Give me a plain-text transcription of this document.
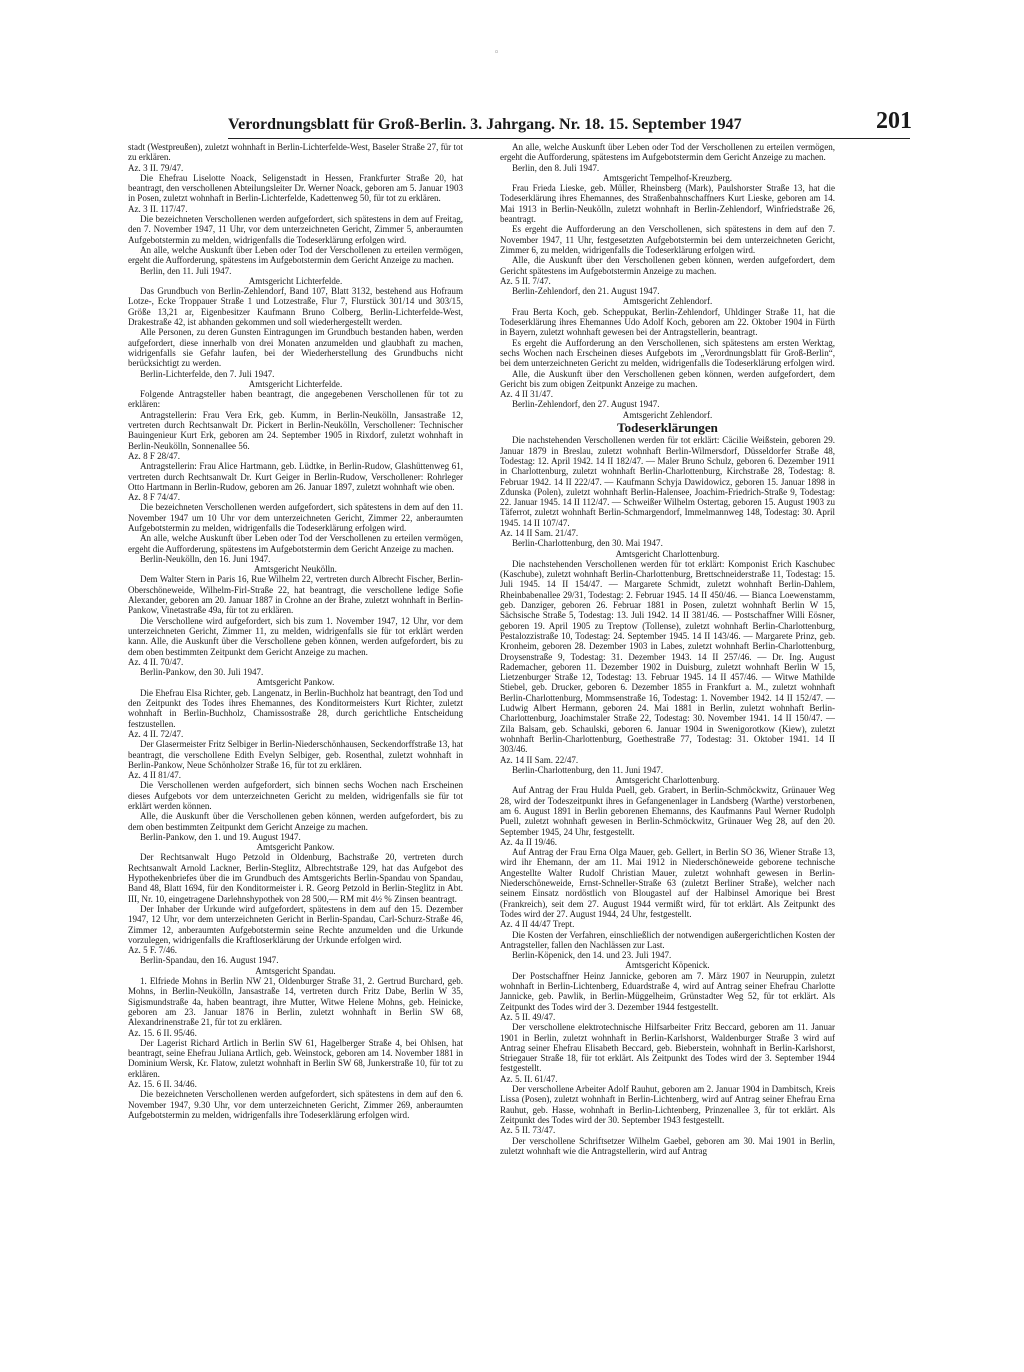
◦
Verordnungsblatt für Groß-Berlin. 3. Jahrgang. Nr. 18. 15. September 1947	201

stadt (Westpreußen), zuletzt wohnhaft in Berlin-Lichterfelde-West, Baseler Straße 27, für tot zu erklären.

Az. 3 II. 79/47.

Die Ehefrau Liselotte Noack, Seligenstadt in Hessen, Frankfurter Straße 20, hat beantragt, den verschollenen Abteilungsleiter Dr. Werner Noack, geboren am 5. Januar 1903 in Posen, zuletzt wohnhaft in Berlin-Lichterfelde, Kadettenweg 50, für tot zu erklären.

Az. 3 II. 117/47.

Die bezeichneten Verschollenen werden aufgefordert, sich spätestens in dem auf Freitag, den 7. November 1947, 11 Uhr, vor dem unterzeichneten Gericht, Zimmer 5, anberaumten Aufgebotstermin zu melden, widrigenfalls die Todeserklärung erfolgen wird.

An alle, welche Auskunft über Leben oder Tod der Verschollenen zu erteilen vermögen, ergeht die Aufforderung, spätestens im Aufgebotstermin dem Gericht Anzeige zu machen.

Berlin, den 11. Juli 1947.

Amtsgericht Lichterfelde.

Das Grundbuch von Berlin-Zehlendorf, Band 107, Blatt 3132, bestehend aus Hofraum Lotze-, Ecke Troppauer Straße 1 und Lotzestraße, Flur 7, Flurstück 301/14 und 303/15, Größe 13,21 ar, Eigenbesitzer Kaufmann Bruno Colberg, Berlin-Lichterfelde-West, Drakestraße 42, ist abhanden gekommen und soll wiederhergestellt werden.

Alle Personen, zu deren Gunsten Eintragungen im Grundbuch bestanden haben, werden aufgefordert, diese innerhalb von drei Monaten anzumelden und glaubhaft zu machen, widrigenfalls sie Gefahr laufen, bei der Wiederherstellung des Grundbuchs nicht berücksichtigt zu werden.

Berlin-Lichterfelde, den 7. Juli 1947.

Amtsgericht Lichterfelde.

Folgende Antragsteller haben beantragt, die angegebenen Verschollenen für tot zu erklären:

Antragstellerin: Frau Vera Erk, geb. Kumm, in Berlin-Neukölln, Jansastraße 12, vertreten durch Rechtsanwalt Dr. Pickert in Berlin-Neukölln, Verschollener: Technischer Bauingenieur Kurt Erk, geboren am 24. September 1905 in Rixdorf, zuletzt wohnhaft in Berlin-Neukölln, Sonnenallee 56.

Az. 8 F 28/47.

Antragstellerin: Frau Alice Hartmann, geb. Lüdtke, in Berlin-Rudow, Glashüttenweg 61, vertreten durch Rechtsanwalt Dr. Kurt Geiger in Berlin-Rudow, Verschollener: Rohrleger Otto Hartmann in Berlin-Rudow, geboren am 26. Januar 1897, zuletzt wohnhaft wie oben.

Az. 8 F 74/47.

Die bezeichneten Verschollenen werden aufgefordert, sich spätestens in dem auf den 11. November 1947 um 10 Uhr vor dem unterzeichneten Gericht, Zimmer 22, anberaumten Aufgebotstermin zu melden, widrigenfalls die Todeserklärung erfolgen wird.

An alle, welche Auskunft über Leben oder Tod der Verschollenen zu erteilen vermögen, ergeht die Aufforderung, spätestens im Aufgebotstermin dem Gericht Anzeige zu machen.

Berlin-Neukölln, den 16. Juni 1947.

Amtsgericht Neukölln.

Dem Walter Stern in Paris 16, Rue Wilhelm 22, vertreten durch Albrecht Fischer, Berlin-Oberschöneweide, Wilhelm-Firl-Straße 22, hat beantragt, die verschollene ledige Sofie Alexander, geboren am 20. Januar 1887 in Crohne an der Brahe, zuletzt wohnhaft in Berlin-Pankow, Vinetastraße 49a, für tot zu erklären.

Die Verschollene wird aufgefordert, sich bis zum 1. November 1947, 12 Uhr, vor dem unterzeichneten Gericht, Zimmer 11, zu melden, widrigenfalls sie für tot erklärt werden kann. Alle, die Auskunft über die Verschollene geben können, werden aufgefordert, bis zu dem oben bestimmten Zeitpunkt dem Gericht Anzeige zu machen.

Az. 4 II. 70/47.

Berlin-Pankow, den 30. Juli 1947.

Amtsgericht Pankow.

Die Ehefrau Elsa Richter, geb. Langenatz, in Berlin-Buchholz hat beantragt, den Tod und den Zeitpunkt des Todes ihres Ehemannes, des Konditormeisters Kurt Richter, zuletzt wohnhaft in Berlin-Buchholz, Chamissostraße 28, durch gerichtliche Entscheidung festzustellen.

Az. 4 II. 72/47.

Der Glasermeister Fritz Selbiger in Berlin-Niederschönhausen, Seckendorffstraße 13, hat beantragt, die verschollene Edith Evelyn Selbiger, geb. Rosenthal, zuletzt wohnhaft in Berlin-Pankow, Neue Schönholzer Straße 16, für tot zu erklären.

Az. 4 II 81/47.

Die Verschollenen werden aufgefordert, sich binnen sechs Wochen nach Erscheinen dieses Aufgebots vor dem unterzeichneten Gericht zu melden, widrigenfalls sie für tot erklärt werden können.

Alle, die Auskunft über die Verschollenen geben können, werden aufgefordert, bis zu dem oben bestimmten Zeitpunkt dem Gericht Anzeige zu machen.

Berlin-Pankow, den 1. und 19. August 1947.

Amtsgericht Pankow.

Der Rechtsanwalt Hugo Petzold in Oldenburg, Bachstraße 20, vertreten durch Rechtsanwalt Arnold Lackner, Berlin-Steglitz, Albrechtstraße 129, hat das Aufgebot des Hypothekenbriefes über die im Grundbuch des Amtsgerichts Berlin-Spandau von Spandau, Band 48, Blatt 1694, für den Konditormeister i. R. Georg Petzold in Berlin-Steglitz in Abt. III, Nr. 10, eingetragene Darlehnshypothek von 28 500,— RM mit 4½ % Zinsen beantragt.

Der Inhaber der Urkunde wird aufgefordert, spätestens in dem auf den 15. Dezember 1947, 12 Uhr, vor dem unterzeichneten Gericht in Berlin-Spandau, Carl-Schurz-Straße 46, Zimmer 12, anberaumten Aufgebotstermin seine Rechte anzumelden und die Urkunde vorzulegen, widrigenfalls die Kraftloserklärung der Urkunde erfolgen wird.

Az. 5 F. 7/46.

Berlin-Spandau, den 16. August 1947.

Amtsgericht Spandau.

1. Elfriede Mohns in Berlin NW 21, Oldenburger Straße 31, 2. Gertrud Burchard, geb. Mohns, in Berlin-Neukölln, Jansastraße 14, vertreten durch Fritz Dabe, Berlin W 35, Sigismundstraße 4a, haben beantragt, ihre Mutter, Witwe Helene Mohns, geb. Heinicke, geboren am 23. Januar 1876 in Berlin, zuletzt wohnhaft in Berlin SW 68, Alexandrinenstraße 21, für tot zu erklären.

Az. 15. 6 II. 95/46.

Der Lagerist Richard Artlich in Berlin SW 61, Hagelberger Straße 4, bei Ohlsen, hat beantragt, seine Ehefrau Juliana Artlich, geb. Weinstock, geboren am 14. November 1881 in Dominium Wersk, Kr. Flatow, zuletzt wohnhaft in Berlin SW 68, Junkerstraße 10, für tot zu erklären.

Az. 15. 6 II. 34/46.

Die bezeichneten Verschollenen werden aufgefordert, sich spätestens in dem auf den 6. November 1947, 9.30 Uhr, vor dem unterzeichneten Gericht, Zimmer 269, anberaumten Aufgebotstermin zu melden, widrigenfalls ihre Todeserklärung erfolgen wird.

An alle, welche Auskunft über Leben oder Tod der Verschollenen zu erteilen vermögen, ergeht die Aufforderung, spätestens im Aufgebotstermin dem Gericht Anzeige zu machen.

Berlin, den 8. Juli 1947.

Amtsgericht Tempelhof-Kreuzberg.

Frau Frieda Lieske, geb. Müller, Rheinsberg (Mark), Paulshorster Straße 13, hat die Todeserklärung ihres Ehemannes, des Straßenbahnschaffners Kurt Lieske, geboren am 14. Mai 1913 in Berlin-Neukölln, zuletzt wohnhaft in Berlin-Zehlendorf, Winfriedstraße 26, beantragt.

Es ergeht die Aufforderung an den Verschollenen, sich spätestens in dem auf den 7. November 1947, 11 Uhr, festgesetzten Aufgebotstermin bei dem unterzeichneten Gericht, Zimmer 6, zu melden, widrigenfalls die Todeserklärung erfolgen wird.

Alle, die Auskunft über den Verschollenen geben können, werden aufgefordert, dem Gericht spätestens im Aufgebotstermin Anzeige zu machen.

Az. 5 II. 7/47.

Berlin-Zehlendorf, den 21. August 1947.

Amtsgericht Zehlendorf.

Frau Berta Koch, geb. Scheppukat, Berlin-Zehlendorf, Uhldinger Straße 11, hat die Todeserklärung ihres Ehemannes Udo Adolf Koch, geboren am 22. Oktober 1904 in Fürth in Bayern, zuletzt wohnhaft gewesen bei der Antragstellerin, beantragt.

Es ergeht die Aufforderung an den Verschollenen, sich spätestens am ersten Werktag, sechs Wochen nach Erscheinen dieses Aufgebots im „Verordnungsblatt für Groß-Berlin“, bei dem unterzeichneten Gericht zu melden, widrigenfalls die Todeserklärung erfolgen wird.

Alle, die Auskunft über den Verschollenen geben können, werden aufgefordert, dem Gericht bis zum obigen Zeitpunkt Anzeige zu machen.

Az. 4 II 31/47.

Berlin-Zehlendorf, den 27. August 1947.

Amtsgericht Zehlendorf.

Todeserklärungen

Die nachstehenden Verschollenen werden für tot erklärt: Cäcilie Weißstein, geboren 29. Januar 1879 in Breslau, zuletzt wohnhaft Berlin-Wilmersdorf, Düsseldorfer Straße 48, Todestag: 12. April 1942. 14 II 182/47. — Maler Bruno Schulz, geboren 6. Dezember 1911 in Charlottenburg, zuletzt wohnhaft Berlin-Charlottenburg, Kirchstraße 28, Todestag: 8. Februar 1942. 14 II 222/47. — Kaufmann Schyja Dawidowicz, geboren 15. Januar 1898 in Zdunska (Polen), zuletzt wohnhaft Berlin-Halensee, Joachim-Friedrich-Straße 9, Todestag: 22. Januar 1945. 14 II 112/47. — Schweißer Wilhelm Ostertag, geboren 15. August 1903 zu Täferrot, zuletzt wohnhaft Berlin-Schmargendorf, Immelmannweg 148, Todestag: 30. April 1945. 14 II 107/47.

Az. 14 II Sam. 21/47.

Berlin-Charlottenburg, den 30. Mai 1947.

Amtsgericht Charlottenburg.

Die nachstehenden Verschollenen werden für tot erklärt: Komponist Erich Kaschubec (Kaschube), zuletzt wohnhaft Berlin-Charlottenburg, Brettschneiderstraße 11, Todestag: 15. Juli 1945. 14 II 154/47. — Margarete Schmidt, zuletzt wohnhaft Berlin-Dahlem, Rheinbabenallee 29/31, Todestag: 2. Februar 1945. 14 II 450/46. — Bianca Loewenstamm, geb. Danziger, geboren 26. Februar 1881 in Posen, zuletzt wohnhaft Berlin W 15, Sächsische Straße 5, Todestag: 13. Juli 1942. 14 II 381/46. — Postschaffner Willi Eösner, geboren 19. April 1905 zu Treptow (Tollense), zuletzt wohnhaft Berlin-Charlottenburg, Pestalozzistraße 10, Todestag: 24. September 1945. 14 II 143/46. — Margarete Prinz, geb. Kronheim, geboren 28. Dezember 1903 in Labes, zuletzt wohnhaft Berlin-Charlottenburg, Droysenstraße 9, Todestag: 31. Dezember 1943. 14 II 257/46. — Dr. Ing. August Rademacher, geboren 11. Dezember 1902 in Duisburg, zuletzt wohnhaft Berlin W 15, Lietzenburger Straße 12, Todestag: 13. Februar 1945. 14 II 457/46. — Witwe Mathilde Stiebel, geb. Drucker, geboren 6. Dezember 1855 in Frankfurt a. M., zuletzt wohnhaft Berlin-Charlottenburg, Mommsenstraße 16, Todestag: 1. November 1942. 14 II 152/47. — Ludwig Albert Hermann, geboren 24. Mai 1881 in Berlin, zuletzt wohnhaft Berlin-Charlottenburg, Joachimstaler Straße 22, Todestag: 30. November 1941. 14 II 150/47. — Zila Balsam, geb. Schaulski, geboren 6. Januar 1904 in Swenigorotkow (Kiew), zuletzt wohnhaft Berlin-Charlottenburg, Goethestraße 77, Todestag: 31. Oktober 1941. 14 II 303/46.

Az. 14 II Sam. 22/47.

Berlin-Charlottenburg, den 11. Juni 1947.

Amtsgericht Charlottenburg.

Auf Antrag der Frau Hulda Puell, geb. Grabert, in Berlin-Schmöckwitz, Grünauer Weg 28, wird der Todeszeitpunkt ihres in Gefangenenlager in Landsberg (Warthe) verstorbenen, am 6. August 1891 in Berlin geborenen Ehemanns, des Kaufmanns Paul Werner Rudolph Puell, zuletzt wohnhaft gewesen in Berlin-Schmöckwitz, Grünauer Weg 28, auf den 20. September 1945, 24 Uhr, festgestellt.

Az. 4a II 19/46.

Auf Antrag der Frau Erna Olga Mauer, geb. Gellert, in Berlin SO 36, Wiener Straße 13, wird ihr Ehemann, der am 11. Mai 1912 in Niederschöneweide geborene technische Angestellte Walter Rudolf Christian Mauer, zuletzt wohnhaft gewesen in Berlin-Niederschöneweide, Ernst-Schneller-Straße 63 (zuletzt Berliner Straße), welcher nach seinem Einsatz nordöstlich von Blougastel auf der Halbinsel Amorique bei Brest (Frankreich), seit dem 27. August 1944 vermißt wird, für tot erklärt. Als Zeitpunkt des Todes wird der 27. August 1944, 24 Uhr, festgestellt.

Az. 4 II 44/47 Trept.

Die Kosten der Verfahren, einschließlich der notwendigen außergerichtlichen Kosten der Antragsteller, fallen den Nachlässen zur Last.

Berlin-Köpenick, den 14. und 23. Juli 1947.

Amtsgericht Köpenick.

Der Postschaffner Heinz Jannicke, geboren am 7. März 1907 in Neuruppin, zuletzt wohnhaft in Berlin-Lichtenberg, Eduardstraße 4, wird auf Antrag seiner Ehefrau Charlotte Jannicke, geb. Pawlik, in Berlin-Müggelheim, Grünstadter Weg 52, für tot erklärt. Als Zeitpunkt des Todes wird der 3. Dezember 1944 festgestellt.

Az. 5 II. 49/47.

Der verschollene elektrotechnische Hilfsarbeiter Fritz Beccard, geboren am 11. Januar 1901 in Berlin, zuletzt wohnhaft in Berlin-Karlshorst, Waldenburger Straße 3 wird auf Antrag seiner Ehefrau Elisabeth Beccard, geb. Bieberstein, wohnhaft in Berlin-Karlshorst, Striegauer Straße 18, für tot erklärt. Als Zeitpunkt des Todes wird der 3. September 1944 festgestellt.

Az. 5. II. 61/47.

Der verschollene Arbeiter Adolf Rauhut, geboren am 2. Januar 1904 in Dambitsch, Kreis Lissa (Posen), zuletzt wohnhaft in Berlin-Lichtenberg, wird auf Antrag seiner Ehefrau Erna Rauhut, geb. Hasse, wohnhaft in Berlin-Lichtenberg, Prinzenallee 3, für tot erklärt. Als Zeitpunkt des Todes wird der 30. September 1943 festgestellt.

Az. 5 II. 73/47.

Der verschollene Schriftsetzer Wilhelm Gaebel, geboren am 30. Mai 1901 in Berlin, zuletzt wohnhaft wie die Antragstellerin, wird auf Antrag
